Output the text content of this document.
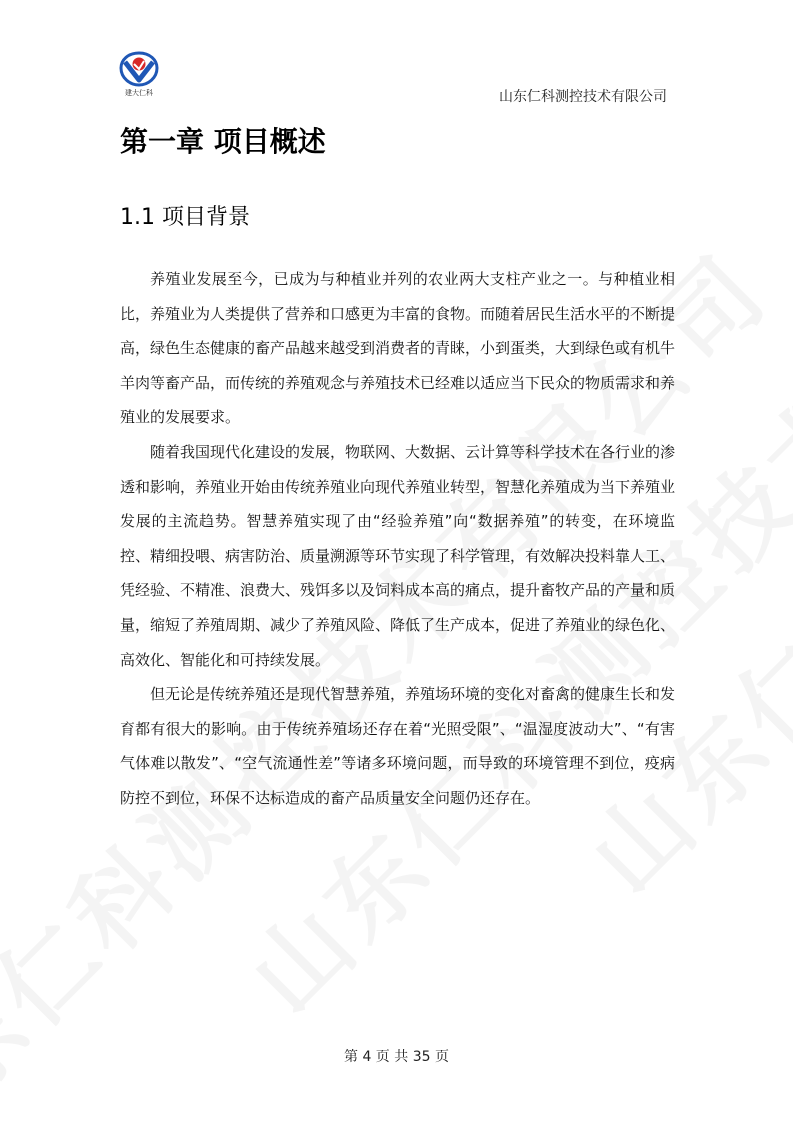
建大仁科	山东仁科测控技术有限公司
第一章 项目概述
1.1 项目背景

养殖业发展至今，已成为与种植业并列的农业两大支柱产业之一。与种植业相比，养殖业为人类提供了营养和口感更为丰富的食物。而随着居民生活水平的不断提高，绿色生态健康的畜产品越来越受到消费者的青睐，小到蛋类，大到绿色或有机牛羊肉等畜产品，而传统的养殖观念与养殖技术已经难以适应当下民众的物质需求和养殖业的发展要求。

随着我国现代化建设的发展，物联网、大数据、云计算等科学技术在各行业的渗透和影响，养殖业开始由传统养殖业向现代养殖业转型，智慧化养殖成为当下养殖业发展的主流趋势。智慧养殖实现了由“经验养殖”向“数据养殖”的转变，在环境监控、精细投喂、病害防治、质量溯源等环节实现了科学管理，有效解决投料靠人工、凭经验、不精准、浪费大、残饵多以及饲料成本高的痛点，提升畜牧产品的产量和质量，缩短了养殖周期、减少了养殖风险、降低了生产成本，促进了养殖业的绿色化、高效化、智能化和可持续发展。

但无论是传统养殖还是现代智慧养殖，养殖场环境的变化对畜禽的健康生长和发育都有很大的影响。由于传统养殖场还存在着“光照受限”、“温湿度波动大”、“有害气体难以散发”、“空气流通性差”等诸多环境问题，而导致的环境管理不到位，疫病防控不到位，环保不达标造成的畜产品质量安全问题仍还存在。

第 4 页 共 35 页
